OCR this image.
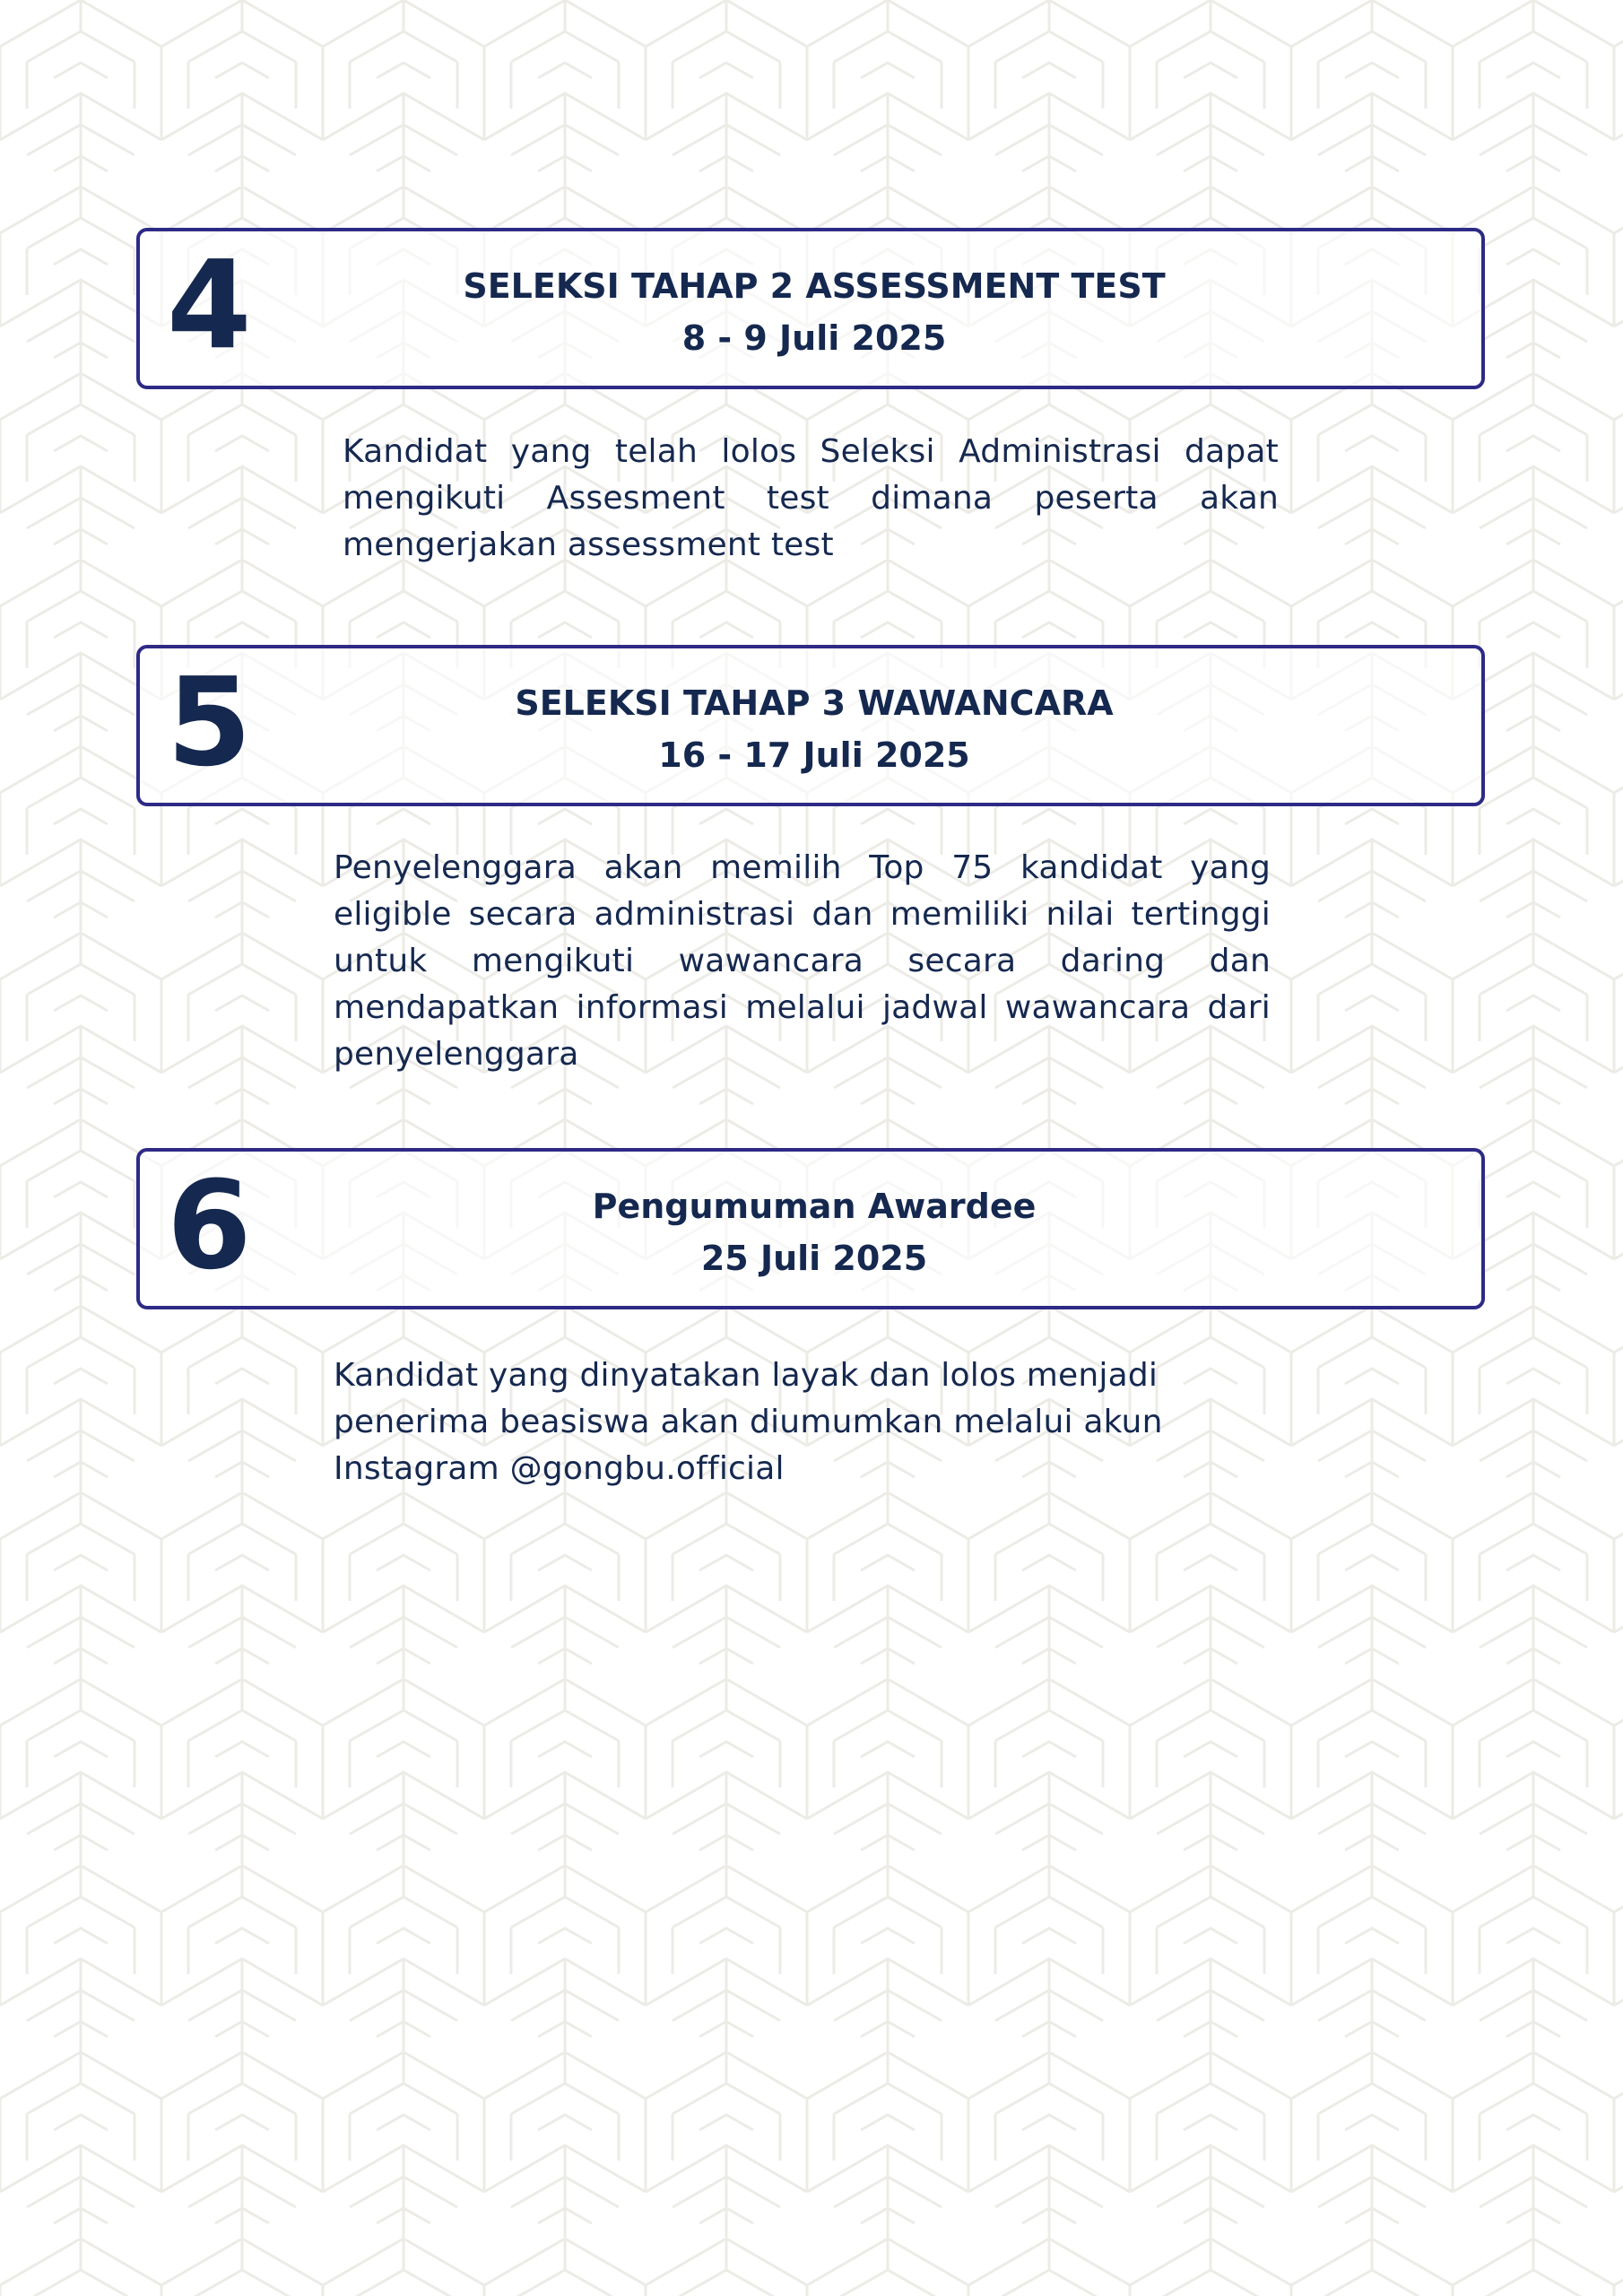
4	SELEKSI TAHAP 2 ASSESSMENT TEST
8 - 9 Juli 2025
Kandidat yang telah lolos Seleksi Administrasi dapat mengikuti Assesment test dimana peserta akan mengerjakan assessment test
5	SELEKSI TAHAP 3 WAWANCARA
16 - 17 Juli 2025
Penyelenggara akan memilih Top 75 kandidat yang eligible secara administrasi dan memiliki nilai tertinggi untuk mengikuti wawancara secara daring dan mendapatkan informasi melalui jadwal wawancara dari penyelenggara
6	Pengumuman Awardee
25 Juli 2025
Kandidat yang dinyatakan layak dan lolos menjadi penerima beasiswa akan diumumkan melalui akun Instagram @gongbu.official
